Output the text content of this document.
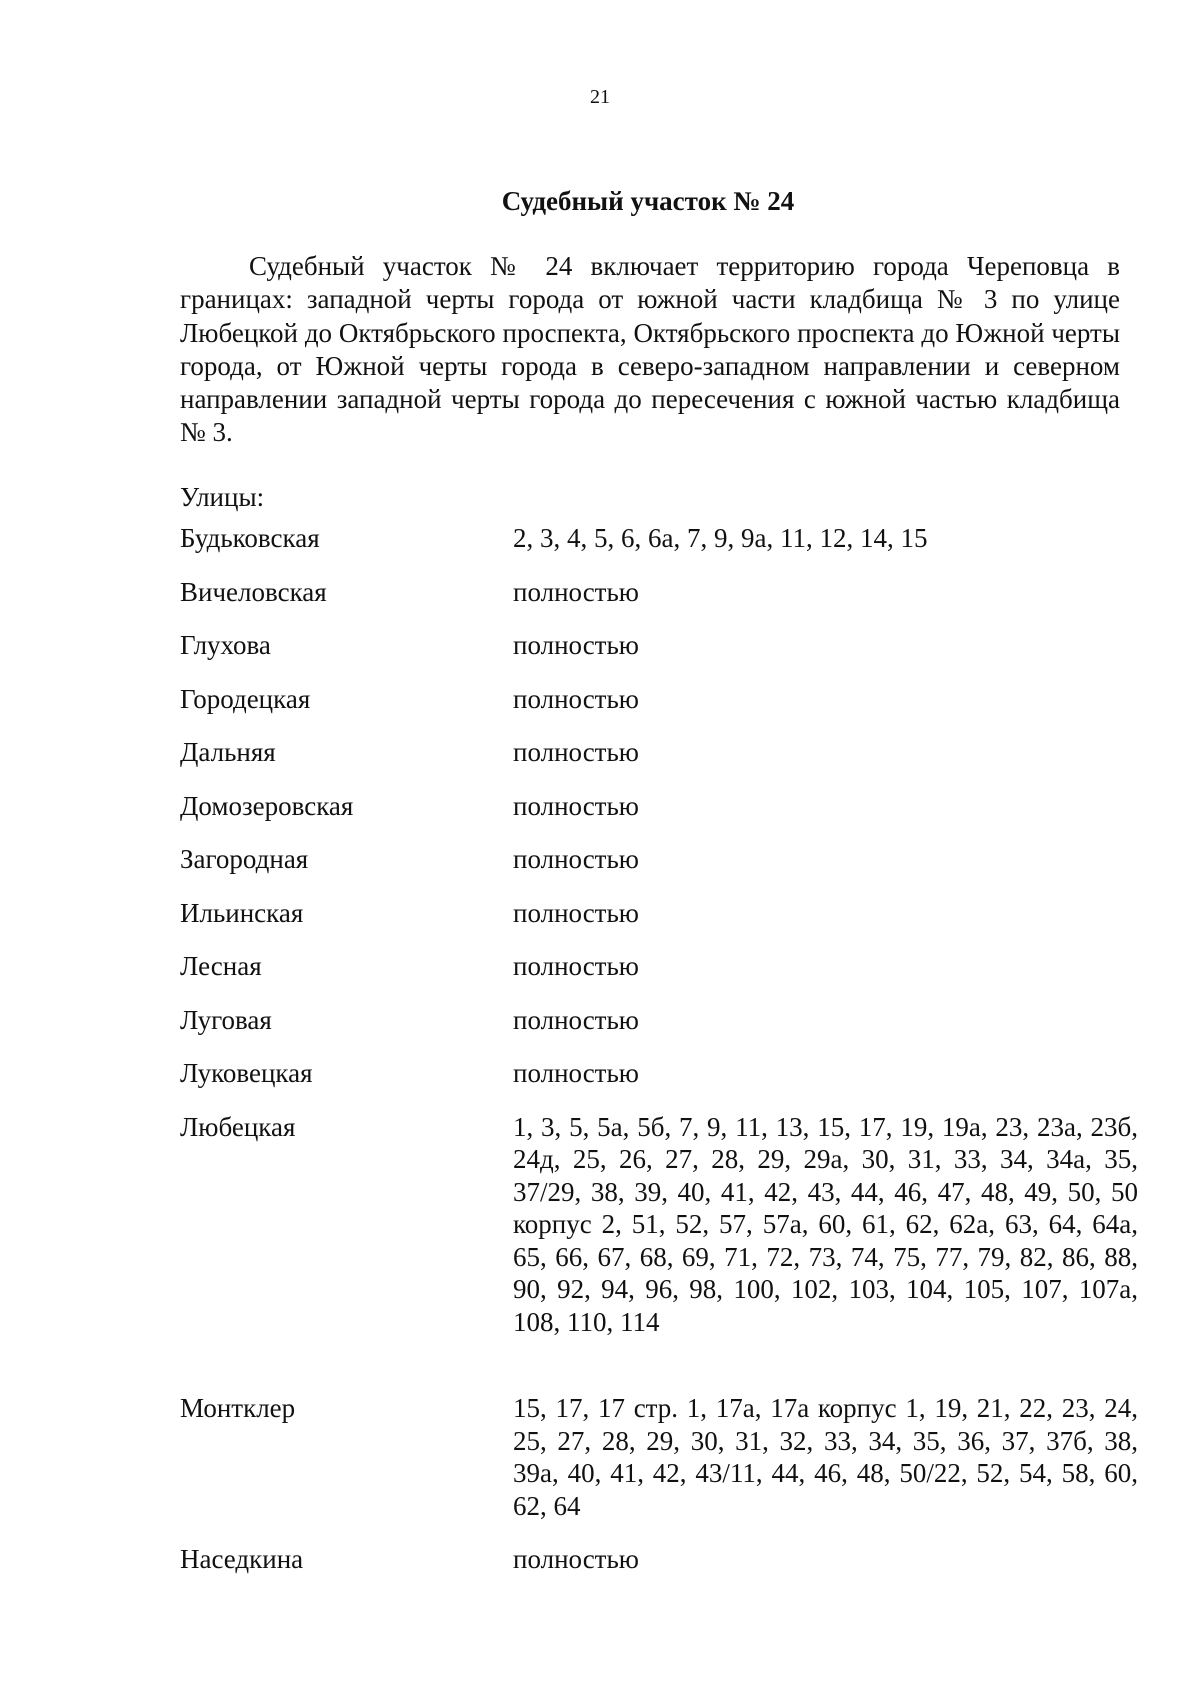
21
Судебный участок № 24

Судебный участок № 24 включает территорию города Череповца в границах: западной черты города от южной части кладбища № 3 по улице Любецкой до Октябрьского проспекта, Октябрьского проспекта до Южной черты города, от Южной черты города в северо-западном направлении и северном направлении западной черты города до пересечения с южной частью кладбища № 3.

Улицы:
Будьковская	2, 3, 4, 5, 6, 6а, 7, 9, 9а, 11, 12, 14, 15
Вичеловская	полностью
Глухова	полностью
Городецкая	полностью
Дальняя	полностью
Домозеровская	полностью
Загородная	полностью
Ильинская	полностью
Лесная	полностью
Луговая	полностью
Луковецкая	полностью
Любецкая	1, 3, 5, 5а, 5б, 7, 9, 11, 13, 15, 17, 19, 19а, 23, 23а, 23б, 24д, 25, 26, 27, 28, 29, 29а, 30, 31, 33, 34, 34а, 35, 37/29, 38, 39, 40, 41, 42, 43, 44, 46, 47, 48, 49, 50, 50 корпус 2, 51, 52, 57, 57а, 60, 61, 62, 62а, 63, 64, 64а, 65, 66, 67, 68, 69, 71, 72, 73, 74, 75, 77, 79, 82, 86, 88, 90, 92, 94, 96, 98, 100, 102, 103, 104, 105, 107, 107а, 108, 110, 114
Монтклер	15, 17, 17 стр. 1, 17а, 17а корпус 1, 19, 21, 22, 23, 24, 25, 27, 28, 29, 30, 31, 32, 33, 34, 35, 36, 37, 37б, 38, 39а, 40, 41, 42, 43/11, 44, 46, 48, 50/22, 52, 54, 58, 60, 62, 64
Наседкина	полностью
